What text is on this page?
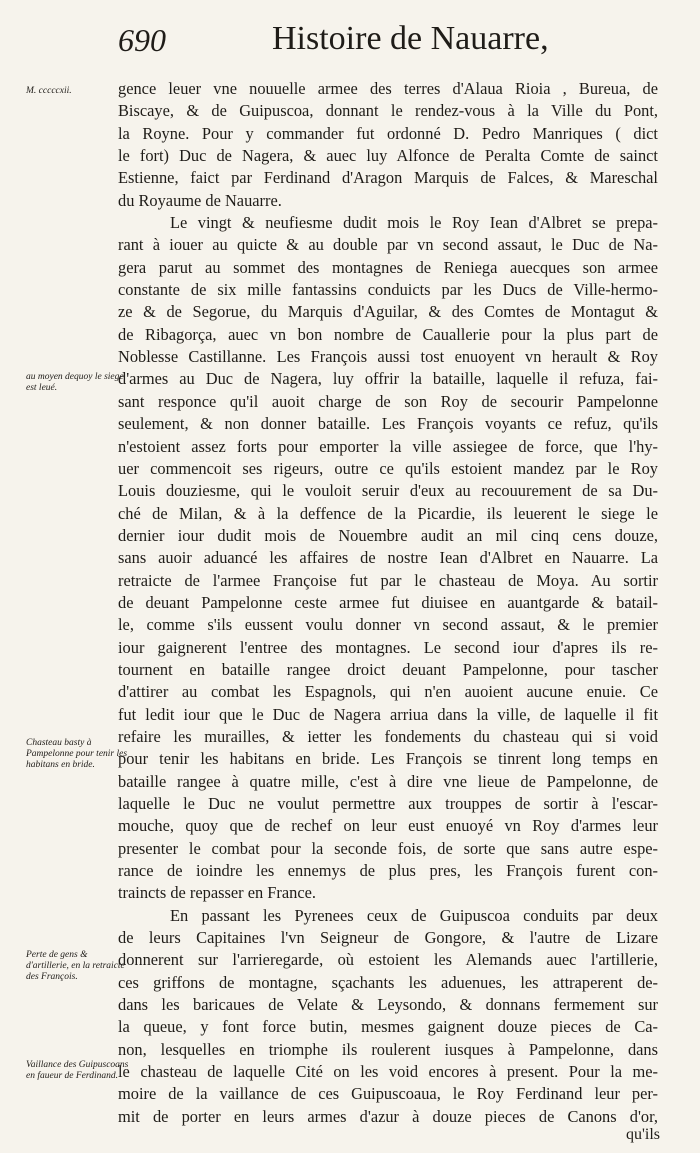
690	Histoire de Nauarre,
M. cccccxii.
au moyen dequoy le siege est leué.
Chasteau basty à Pampelonne pour tenir les habitans en bride.
Perte de gens & d'artillerie, en la retraicte des François.
Vaillance des Guipuscoans en faueur de Ferdinand.
gence leuer vne nouuelle armee des terres d'Alaua Rioia , Bureua, de
Biscaye, & de Guipuscoa, donnant le rendez-vous à la Ville du Pont,
la Royne. Pour y commander fut ordonné D. Pedro Manriques ( dict
le fort) Duc de Nagera, & auec luy Alfonce de Peralta Comte de sainct
Estienne, faict par Ferdinand d'Aragon Marquis de Falces, & Mareschal
du Royaume de Nauarre.
Le vingt & neufiesme dudit mois le Roy Iean d'Albret se prepa-
rant à iouer au quicte & au double par vn second assaut, le Duc de Na-
gera parut au sommet des montagnes de Reniega auecques son armee
constante de six mille fantassins conduicts par les Ducs de Ville-hermo-
ze & de Segorue, du Marquis d'Aguilar, & des Comtes de Montagut &
de Ribagorça, auec vn bon nombre de Cauallerie pour la plus part de
Noblesse Castillanne. Les François aussi tost enuoyent vn herault & Roy
d'armes au Duc de Nagera, luy offrir la bataille, laquelle il refuza, fai-
sant responce qu'il auoit charge de son Roy de secourir Pampelonne
seulement, & non donner bataille. Les François voyants ce refuz, qu'ils
n'estoient assez forts pour emporter la ville assiegee de force, que l'hy-
uer commencoit ses rigeurs, outre ce qu'ils estoient mandez par le Roy
Louis douziesme, qui le vouloit seruir d'eux au recouurement de sa Du-
ché de Milan, & à la deffence de la Picardie, ils leuerent le siege le
dernier iour dudit mois de Nouembre audit an mil cinq cens douze,
sans auoir aduancé les affaires de nostre Iean d'Albret en Nauarre. La
retraicte de l'armee Françoise fut par le chasteau de Moya. Au sortir
de deuant Pampelonne ceste armee fut diuisee en auantgarde & batail-
le, comme s'ils eussent voulu donner vn second assaut, & le premier
iour gaignerent l'entree des montagnes. Le second iour d'apres ils re-
tournent en bataille rangee droict deuant Pampelonne, pour tascher
d'attirer au combat les Espagnols, qui n'en auoient aucune enuie. Ce
fut ledit iour que le Duc de Nagera arriua dans la ville, de laquelle il fit
refaire les murailles, & ietter les fondements du chasteau qui si void
pour tenir les habitans en bride. Les François se tinrent long temps en
bataille rangee à quatre mille, c'est à dire vne lieue de Pampelonne, de
laquelle le Duc ne voulut permettre aux trouppes de sortir à l'escar-
mouche, quoy que de rechef on leur eust enuoyé vn Roy d'armes leur
presenter le combat pour la seconde fois, de sorte que sans autre espe-
rance de ioindre les ennemys de plus pres, les François furent con-
traincts de repasser en France.
En passant les Pyrenees ceux de Guipuscoa conduits par deux
de leurs Capitaines l'vn Seigneur de Gongore, & l'autre de Lizare
donnerent sur l'arrieregarde, où estoient les Alemands auec l'artillerie,
ces griffons de montagne, sçachants les aduenues, les attraperent de-
dans les baricaues de Velate & Leysondo, & donnans fermement sur
la queue, y font force butin, mesmes gaignent douze pieces de Ca-
non, lesquelles en triomphe ils roulerent iusques à Pampelonne, dans
le chasteau de laquelle Cité on les void encores à present. Pour la me-
moire de la vaillance de ces Guipuscoaua, le Roy Ferdinand leur per-
mit de porter en leurs armes d'azur à douze pieces de Canons d'or,
qu'ils
